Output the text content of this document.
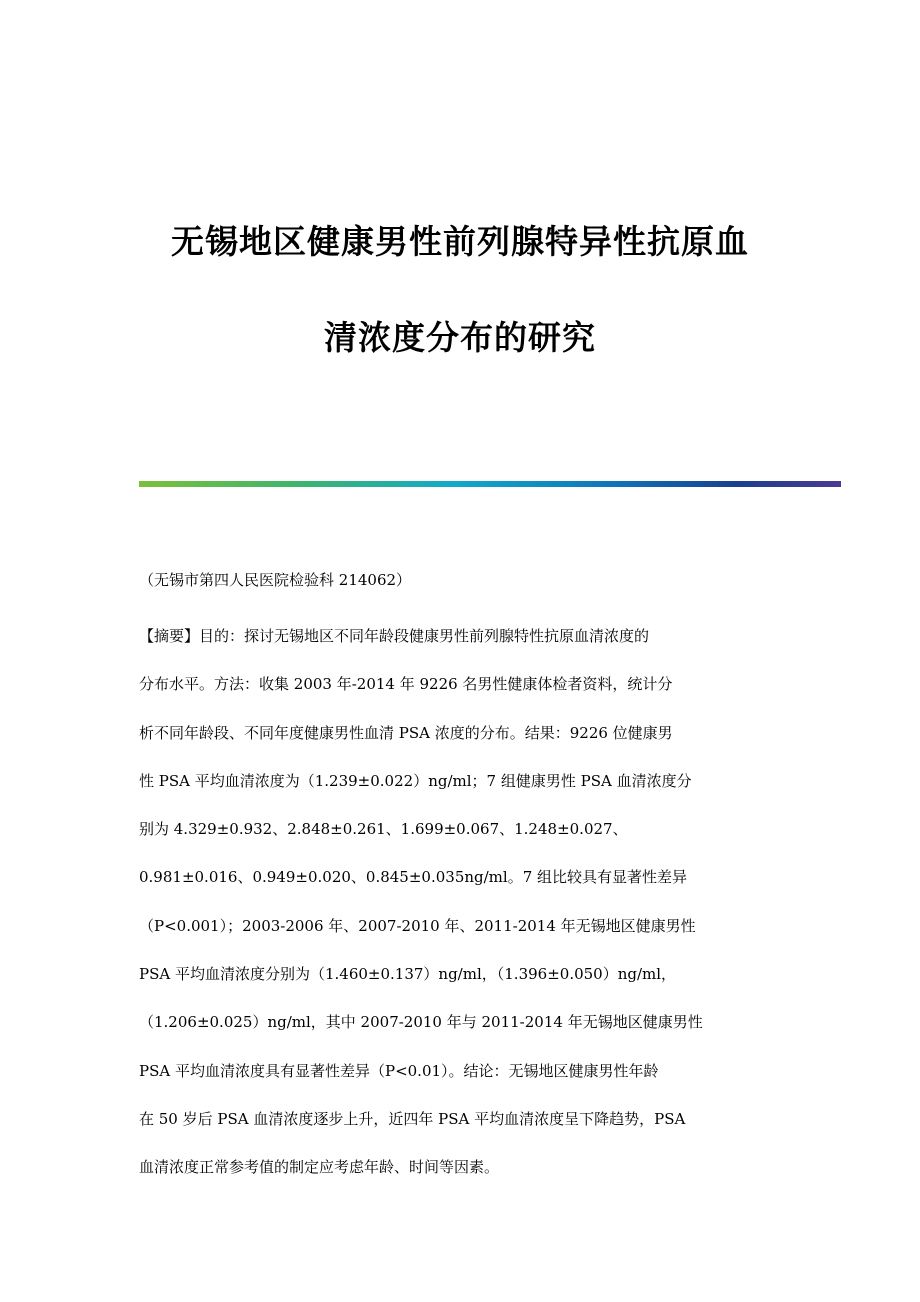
无锡地区健康男性前列腺特异性抗原血
清浓度分布的研究
（无锡市第四人民医院检验科 214062）
【摘要】目的：探讨无锡地区不同年龄段健康男性前列腺特性抗原血清浓度的
分布水平。方法：收集 2003 年-2014 年 9226 名男性健康体检者资料，统计分
析不同年龄段、不同年度健康男性血清 PSA 浓度的分布。结果：9226 位健康男
性 PSA 平均血清浓度为（1.239±0.022）ng/ml；7 组健康男性 PSA 血清浓度分
别为 4.329±0.932、2.848±0.261、1.699±0.067、1.248±0.027、
0.981±0.016、0.949±0.020、0.845±0.035ng/ml。7 组比较具有显著性差异
（P<0.001）；2003-2006 年、2007-2010 年、2011-2014 年无锡地区健康男性
PSA 平均血清浓度分别为（1.460±0.137）ng/ml，（1.396±0.050）ng/ml，
（1.206±0.025）ng/ml，其中 2007-2010 年与 2011-2014 年无锡地区健康男性
PSA 平均血清浓度具有显著性差异（P<0.01）。结论：无锡地区健康男性年龄
在 50 岁后 PSA 血清浓度逐步上升，近四年 PSA 平均血清浓度呈下降趋势，PSA
血清浓度正常参考值的制定应考虑年龄、时间等因素。
